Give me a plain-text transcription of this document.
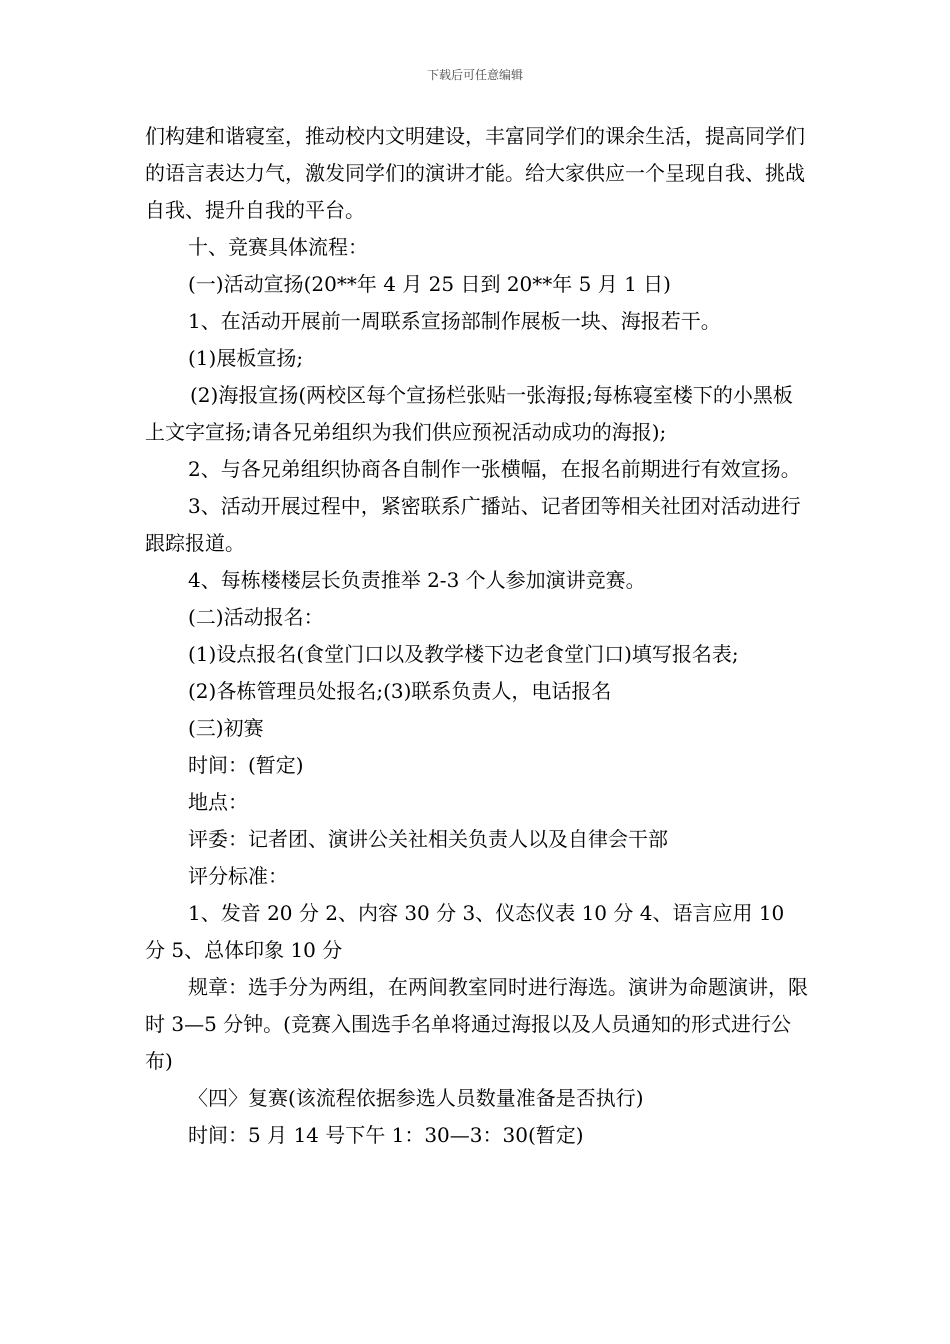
下载后可任意编辑

们构建和谐寝室，推动校内文明建设，丰富同学们的课余生活，提高同学们的语言表达力气，激发同学们的演讲才能。给大家供应一个呈现自我、挑战自我、提升自我的平台。

十、竞赛具体流程：

(一)活动宣扬(20**年 4 月 25 日到 20**年 5 月 1 日)

1、在活动开展前一周联系宣扬部制作展板一块、海报若干。

(1)展板宣扬;

(2)海报宣扬(两校区每个宣扬栏张贴一张海报;每栋寝室楼下的小黑板上文字宣扬;请各兄弟组织为我们供应预祝活动成功的海报);

2、与各兄弟组织协商各自制作一张横幅，在报名前期进行有效宣扬。

3、活动开展过程中，紧密联系广播站、记者团等相关社团对活动进行跟踪报道。

4、每栋楼楼层长负责推举 2-3 个人参加演讲竞赛。

(二)活动报名：

(1)设点报名(食堂门口以及教学楼下边老食堂门口)填写报名表;

(2)各栋管理员处报名;(3)联系负责人，电话报名

(三)初赛

时间：(暂定)

地点：

评委：记者团、演讲公关社相关负责人以及自律会干部

评分标准：

1、发音 20 分 2、内容 30 分 3、仪态仪表 10 分 4、语言应用 10 分 5、总体印象 10 分

规章：选手分为两组，在两间教室同时进行海选。演讲为命题演讲，限时 3—5 分钟。(竞赛入围选手名单将通过海报以及人员通知的形式进行公布)

〈四〉复赛(该流程依据参选人员数量准备是否执行)

时间：5 月 14 号下午 1：30—3：30(暂定)
